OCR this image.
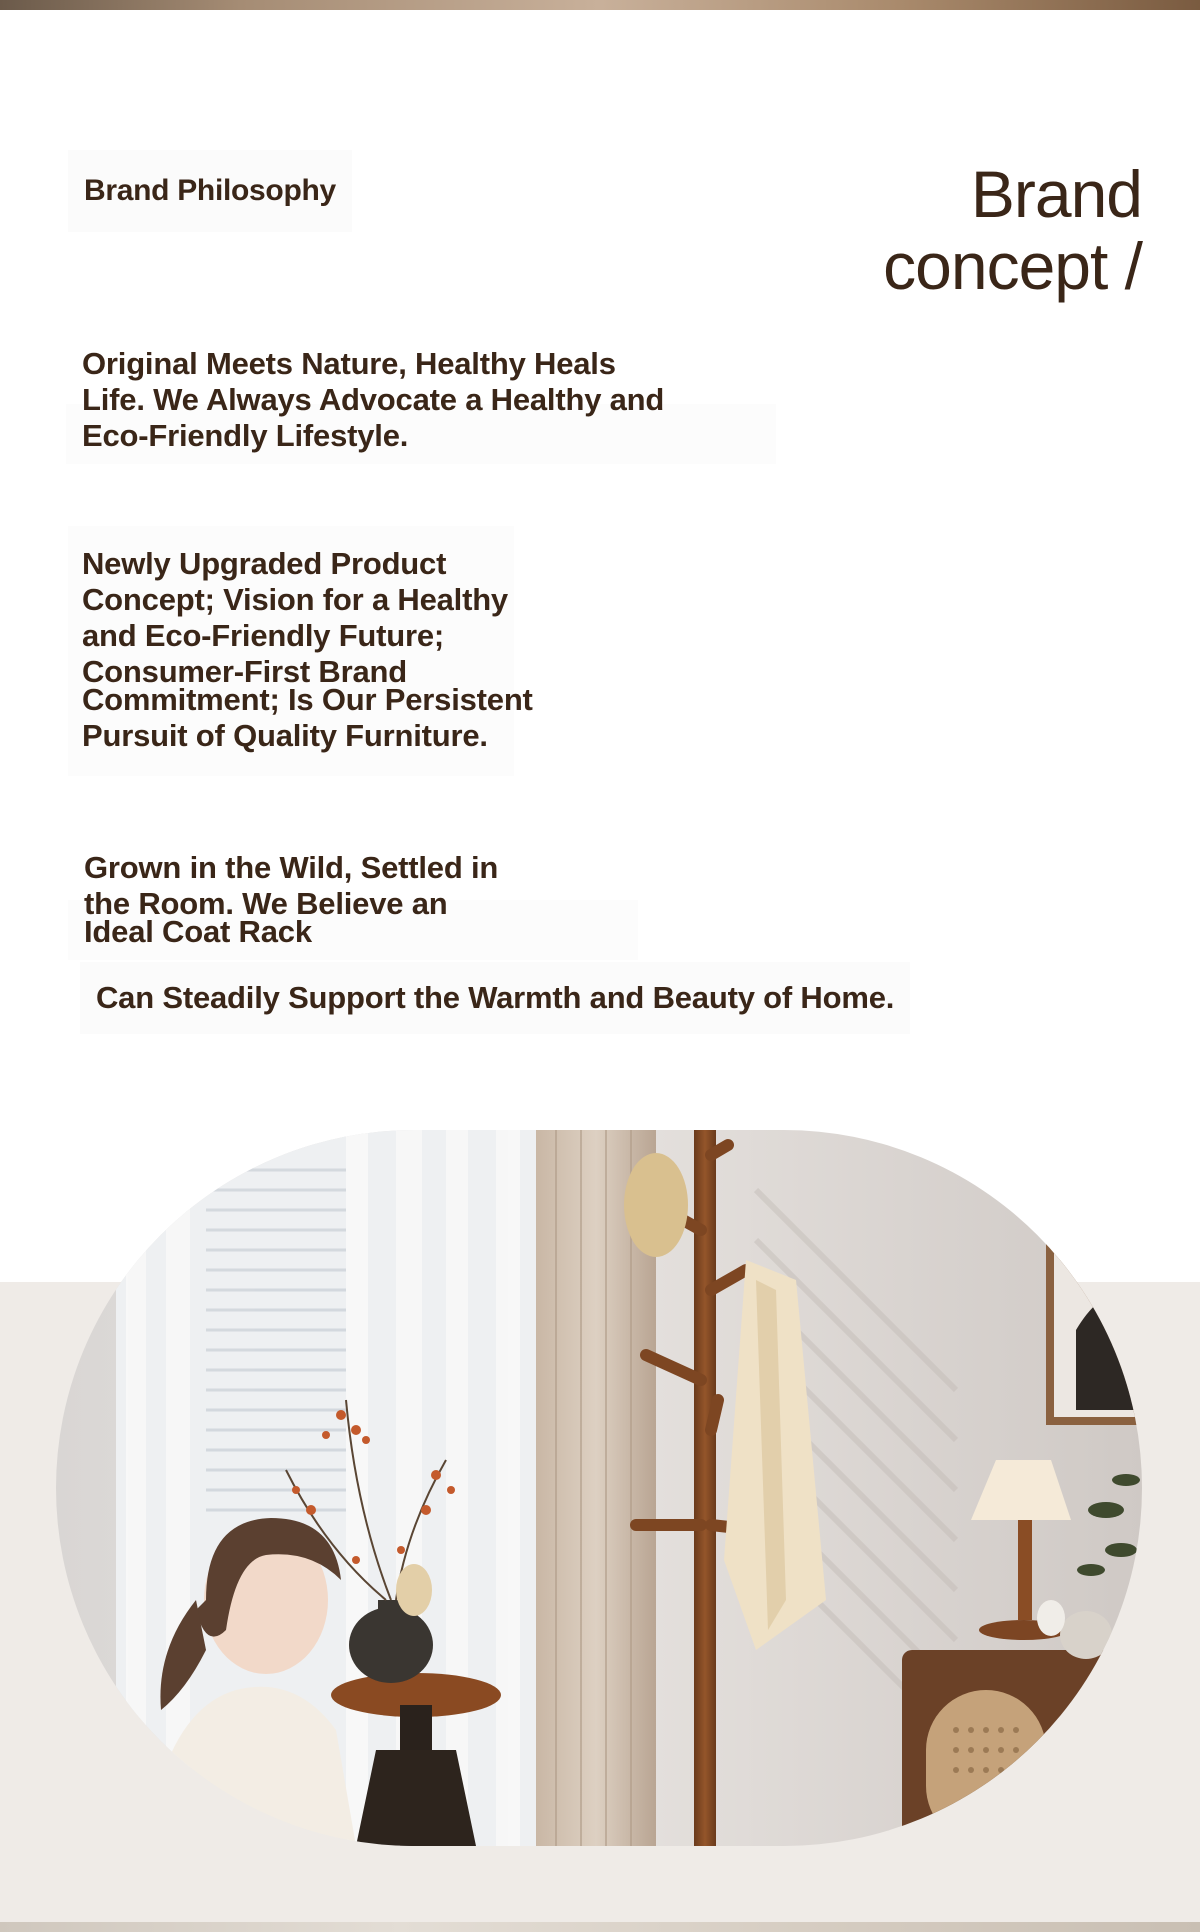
Brand Philosophy	Brand
concept /
Original Meets Nature, Healthy Heals
Life. We Always Advocate a Healthy and
Eco-Friendly Lifestyle.
Newly Upgraded Product
Concept; Vision for a Healthy
and Eco-Friendly Future;
Consumer-First Brand
Commitment; Is Our Persistent
Pursuit of Quality Furniture.
Grown in the Wild, Settled in
the Room. We Believe an
Ideal Coat Rack
Can Steadily Support the Warmth and Beauty of Home.
